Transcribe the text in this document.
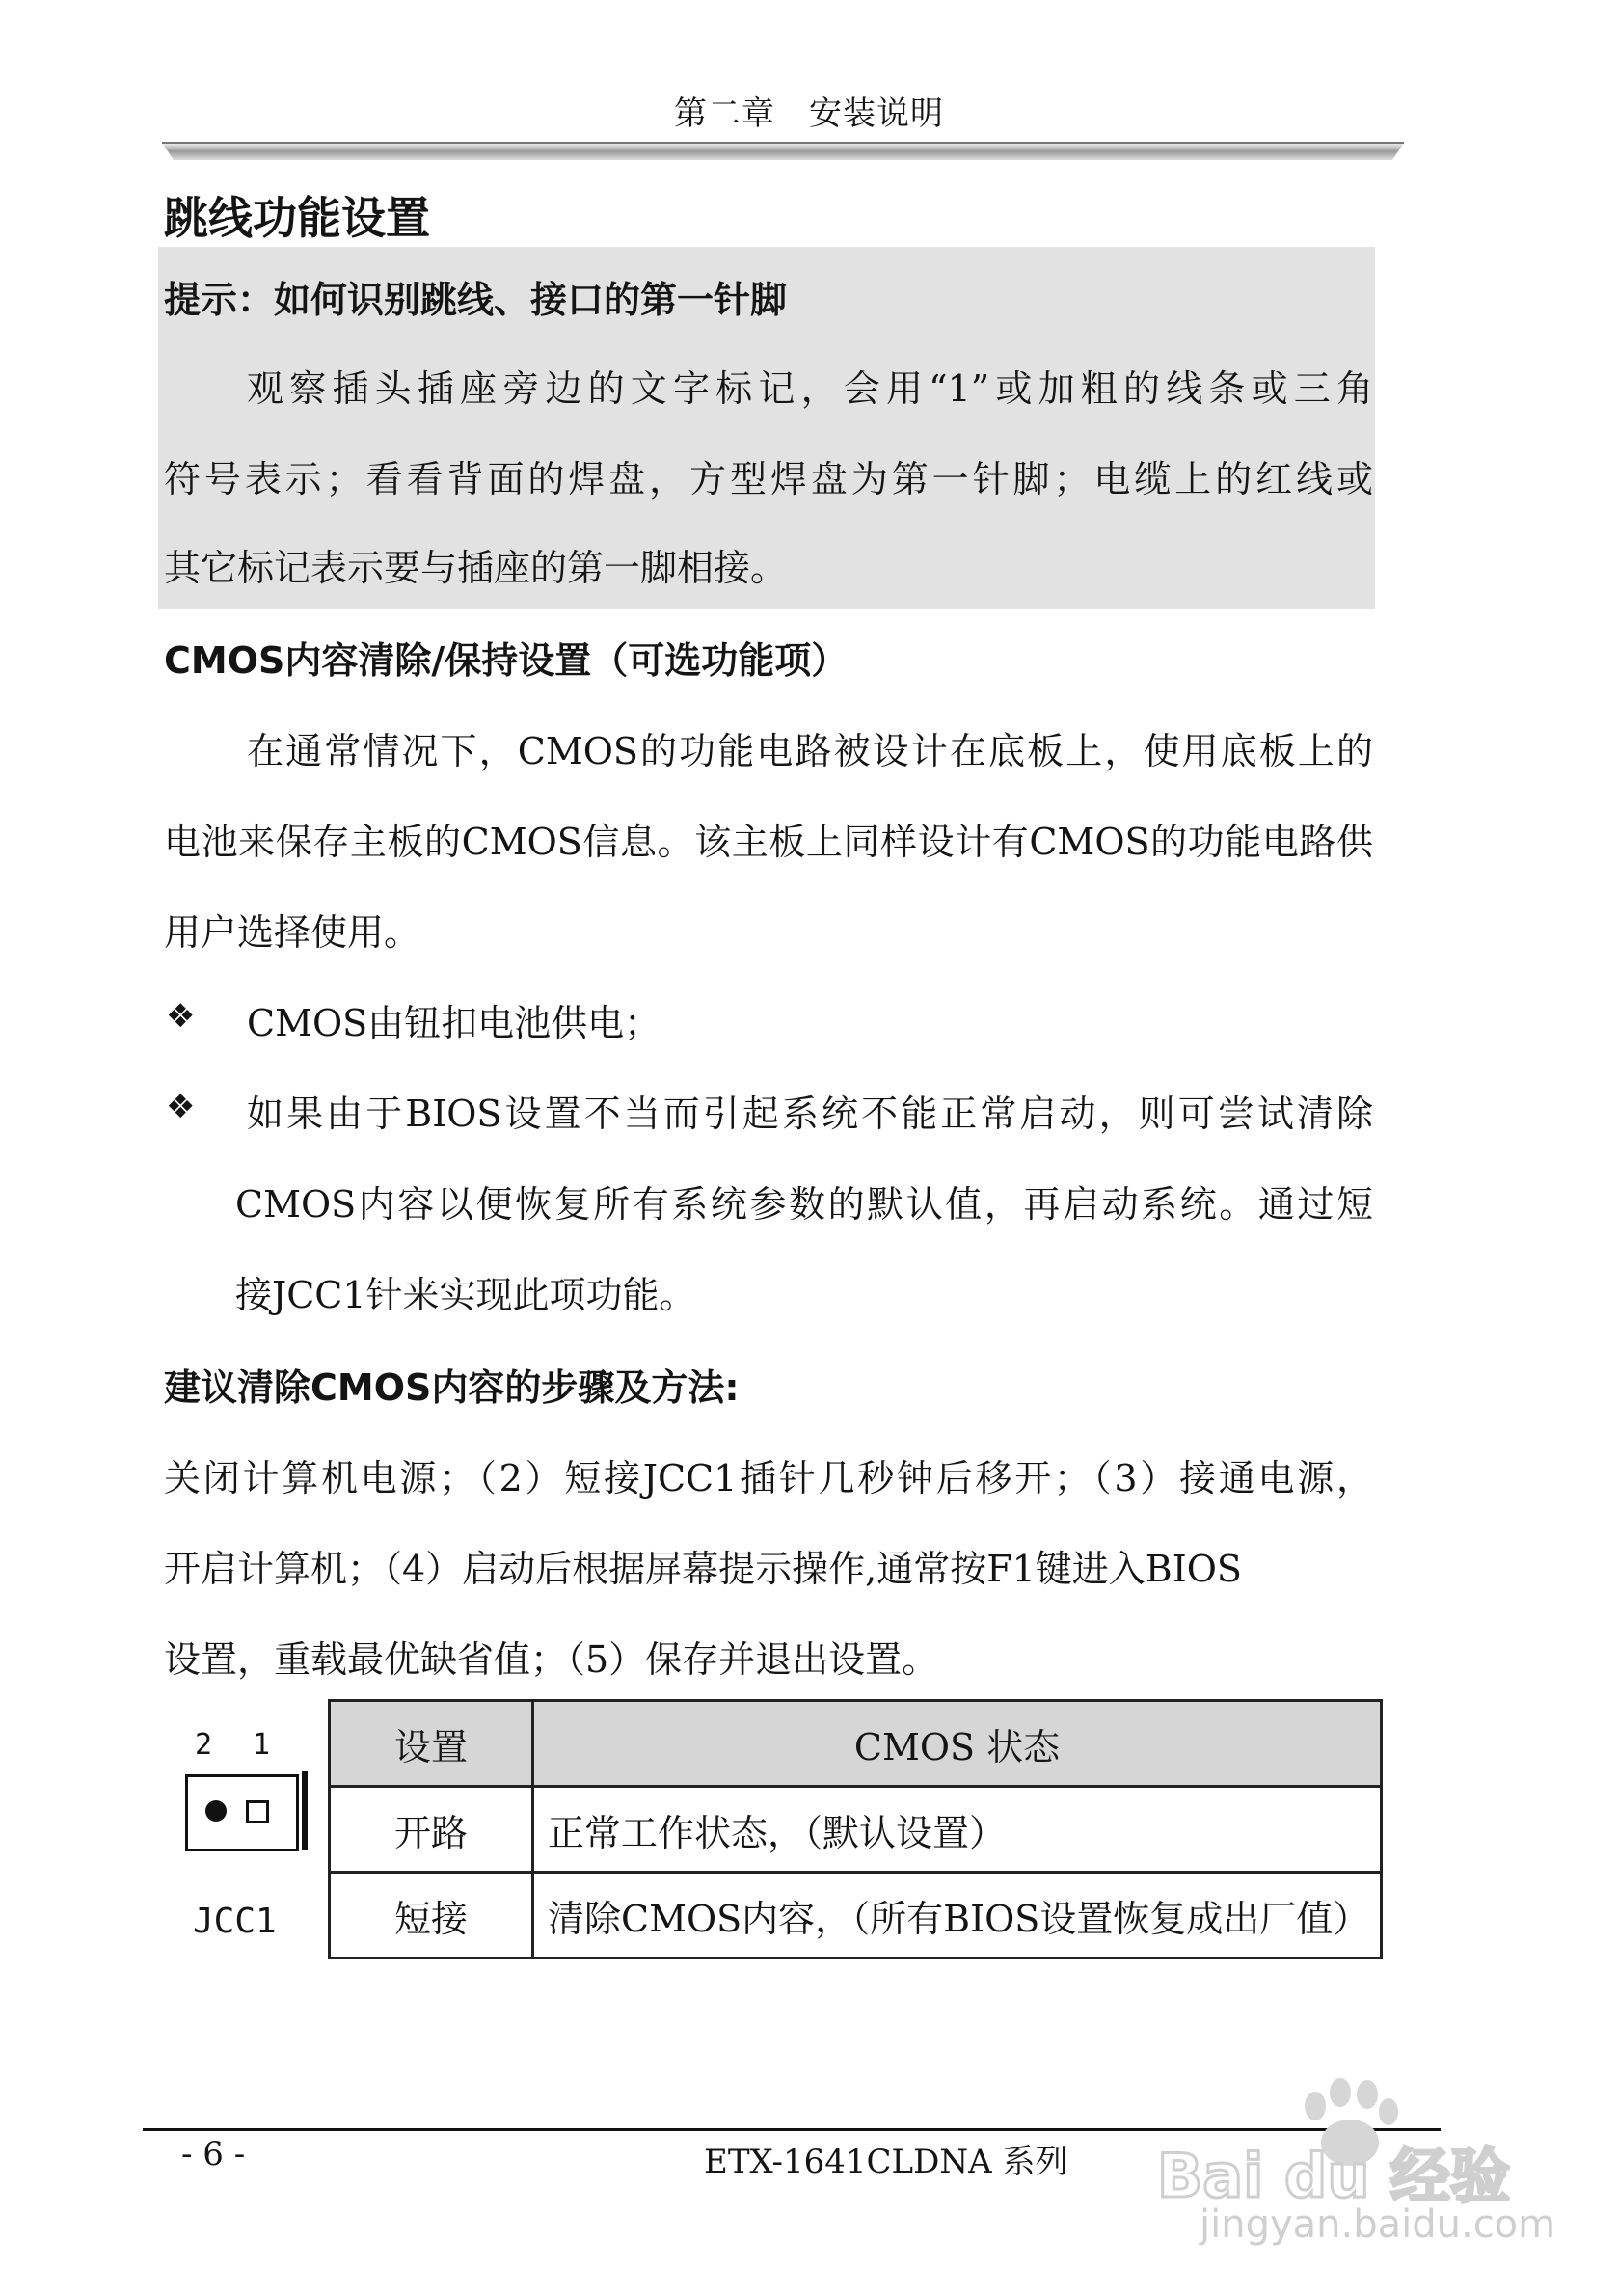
第二章　安装说明
跳线功能设置
提示：如何识别跳线、接口的第一针脚
观察插头插座旁边的文字标记，会用“1”或加粗的线条或三角
符号表示；看看背面的焊盘，方型焊盘为第一针脚；电缆上的红线或
其它标记表示要与插座的第一脚相接。
CMOS内容清除/保持设置（可选功能项）
在通常情况下，CMOS的功能电路被设计在底板上，使用底板上的
电池来保存主板的CMOS信息。该主板上同样设计有CMOS的功能电路供
用户选择使用。
❖ CMOS由钮扣电池供电；
❖ 如果由于BIOS设置不当而引起系统不能正常启动，则可尝试清除
CMOS内容以便恢复所有系统参数的默认值，再启动系统。通过短
接JCC1针来实现此项功能。
建议清除CMOS内容的步骤及方法:
关闭计算机电源；（2）短接JCC1插针几秒钟后移开；（3）接通电源，
开启计算机；（4）启动后根据屏幕提示操作,通常按F1键进入BIOS
设置，重载最优缺省值；（5）保存并退出设置。
2 1
JCC1
设置	CMOS 状态
开路	正常工作状态，（默认设置）
短接	清除CMOS内容，（所有BIOS设置恢复成出厂值）
- 6 -	ETX-1641CLDNA 系列 Bai du 经验
jingyan.baidu.com
